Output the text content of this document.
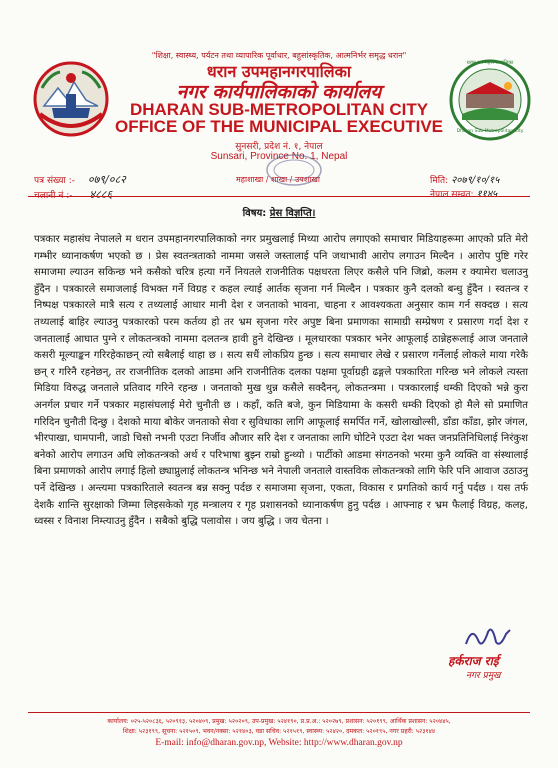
"शिक्षा, स्वास्थ्य, पर्यटन तथा व्यापारिक पूर्वाधार, बहुसांस्कृतिक, आत्मनिर्भर समृद्ध धरान"
धरान उप-महानगरपालिका
Dharan Sub-Metropolitan City
धरान उपमहानगरपालिका
नगर कार्यपालिकाको कार्यालय
DHARAN SUB-METROPOLITAN CITY
OFFICE OF THE MUNICIPAL EXECUTIVE
सुनसरी, प्रदेश नं. १, नेपाल
Sunsari, Province No. 1, Nepal
पत्र संख्या :- ०७९/०८२
चलानी नं :- ४८८६
महाशाखा / शाखा / उपशाखा	मिति: २०७९/१०/१५
नेपाल सम्वत: ११४५
विषय: प्रेस विज्ञप्ति।

पत्रकार महासंघ नेपालले म धरान उपमहानगरपालिकाको नगर प्रमुखलाई मिथ्या आरोप लगाएको समाचार मिडियाहरूमा आएको प्रति मेरो गम्भीर ध्यानाकर्षण भएको छ । प्रेस स्वतन्त्रताको नाममा जसले जस्तालाई पनि जथाभावी आरोप लगाउन मिल्दैन । आरोप पुष्टि गरेर समाजमा ल्याउन सकिन्छ भने कसैको चरित्र हत्या गर्ने नियतले राजनीतिक पक्षधरता लिएर कसैले पनि जिब्रो, कलम र क्यामेरा चलाउनु हुँदैन । पत्रकारले समाजलाई विभक्त गर्ने विग्रह र कहल ल्याई आर्तक सृजना गर्न मिल्दैन । पत्रकार कुनै दलको बन्धु हुँदैन । स्वतन्त्र र निष्पक्ष पत्रकारले मात्रै सत्य र तथ्यलाई आधार मानी देश र जनताको भावना, चाहना र आवश्यकता अनुसार काम गर्न सक्दछ । सत्य तथ्यलाई बाहिर ल्याउनु पत्रकारको परम कर्तव्य हो तर भ्रम सृजना गरेर अपुष्ट बिना प्रमाणका सामाग्री सम्प्रेषण र प्रसारण गर्दा देश र जनतालाई आघात पुग्ने र लोकतन्त्रको नाममा दलतन्त्र हावी हुने देखिन्छ । मूलधारका पत्रकार भनेर आफूलाई ठान्नेहरूलाई आज जनताले कसरी मूल्याङ्कन गरिरहेकाछन् त्यो सबैलाई थाहा छ । सत्य सधैं लोकप्रिय हुन्छ । सत्य समाचार लेखे र प्रसारण गर्नेलाई लोकले माया गरेकै छन् र गरिनै रहनेछन्, तर राजनीतिक दलको आडमा अनि राजनीतिक दलका पक्षमा पूर्वाग्रही ढङ्गले पत्रकारिता गरिन्छ भने लोकले त्यस्ता मिडिया विरुद्ध जनताले प्रतिवाद गरिने रहन्छ । जनताको मुख थुन्न कसैले सक्दैनन्, लोकतन्त्रमा । पत्रकारलाई धम्की दिएको भन्ने कुरा अनर्गल प्रचार गर्ने पत्रकार महासंघलाई मेरो चुनौती छ । कहाँ, कति बजे, कुन मिडियामा के कसरी धम्की दिएको हो मैले सो प्रमाणित गरिदिन चुनौती दिन्छु । देशको माया बोकेर जनताको सेवा र सुविधाका लागि आफूलाई समर्पित गर्ने, खोलाखोल्सी, डाँडा काँडा, झोर जंगल, भीरपाखा, घामपानी, जाडो चिसो नभनी एउटा निर्जीव औजार सरि देश र जनताका लागि घोटिने एउटा देश भक्त जनप्रतिनिधिलाई निरंकुश बनेको आरोप लगाउन अघि लोकतन्त्रको अर्थ र परिभाषा बुझ्न राम्रो हुन्थ्यो । पार्टीको आडमा संगठनको भरमा कुनै व्यक्ति वा संस्थालाई बिना प्रमाणको आरोप लगाई हिलो छ्याप्नुलाई लोकतन्त्र भनिन्छ भने नेपाली जनताले वास्तविक लोकतन्त्रको लागि फेरि पनि आवाज उठाउनु पर्ने देखिन्छ । अन्त्यमा पत्रकारिताले स्वतन्त्र बन्न सक्नु पर्दछ र समाजमा सृजना, एकता, विकास र प्रगतिको कार्य गर्नु पर्दछ । यस तर्फ देशकै शान्ति सुरक्षाको जिम्मा लिइसकेको गृह मन्त्रालय र गृह प्रशासनको ध्यानाकर्षण हुनु पर्दछ । आफ्नाह र भ्रम फैलाई विग्रह, कलह, ध्वस्स र विनाश निम्त्याउनु हुँदैन । सबैको बुद्धि पलावोस । जय बुद्धि । जय चेतना ।

हर्कराज राई
नगर प्रमुख
कार्यालय: ०२५-५२०८३६, ५२०९१३, ५२०४०९, प्रमुख: ५२०२०९, उप-प्रमुख: ५२४१९०, प्र.प्र.अ.: ५२०२७९, प्रशासन: ५२०१९९, आर्थिक प्रशासन: ५२०४४५,
शिक्षा: ५२३१९९, सूचना: ५२१५०९, भवन/नक्सा: ५२१४०३, वडा सचिव: ५२१५१९, स्वास्थ्य: ५२४२०, दमकल: ५२०१९५, नगर प्रहरी: ५२३१४४
E-mail: info@dharan.gov.np, Website: http://www.dharan.gov.np
